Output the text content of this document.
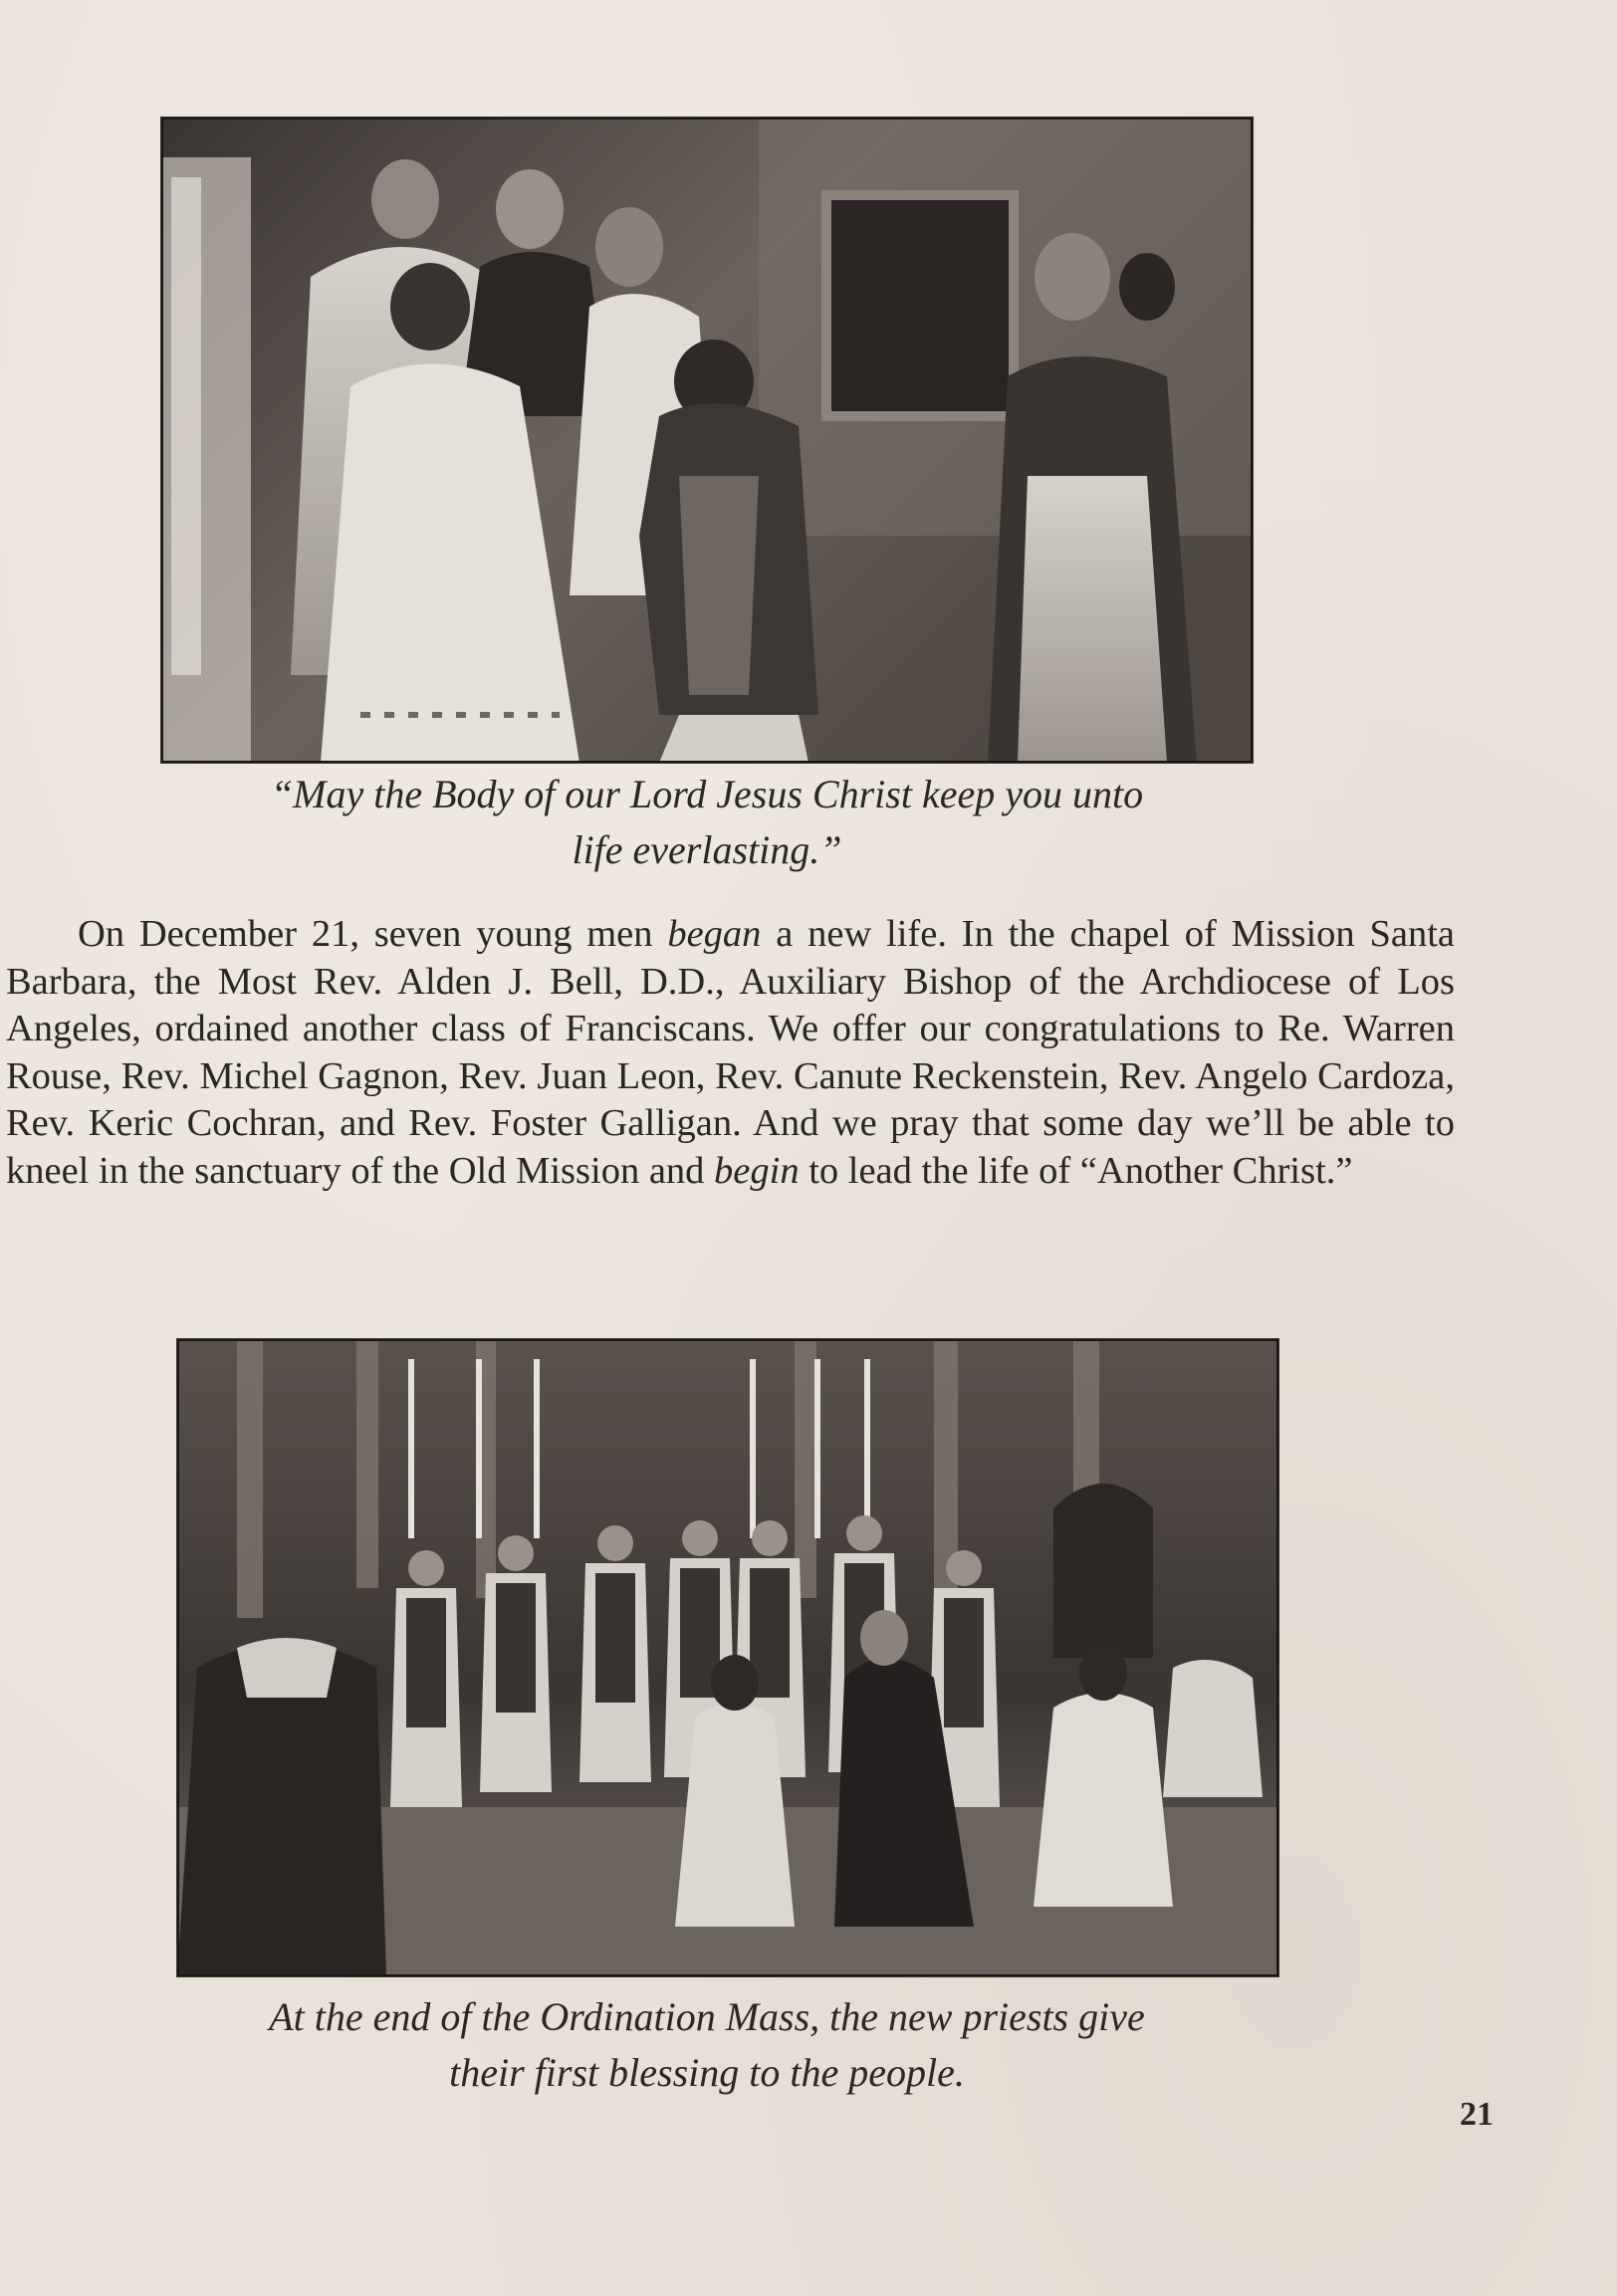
“May the Body of our Lord Jesus Christ keep you unto
life everlasting.”

On December 21, seven young men began a new life. In the chapel of Mission Santa Barbara, the Most Rev. Alden J. Bell, D.D., Auxiliary Bishop of the Archdiocese of Los Angeles, ordained another class of Franciscans. We offer our congratulations to Re. Warren Rouse, Rev. Michel Gagnon, Rev. Juan Leon, Rev. Canute Reckenstein, Rev. Angelo Cardoza, Rev. Keric Cochran, and Rev. Foster Galligan. And we pray that some day we’ll be able to kneel in the sanctuary of the Old Mission and begin to lead the life of “Another Christ.”

At the end of the Ordination Mass, the new priests give
their first blessing to the people.
21
